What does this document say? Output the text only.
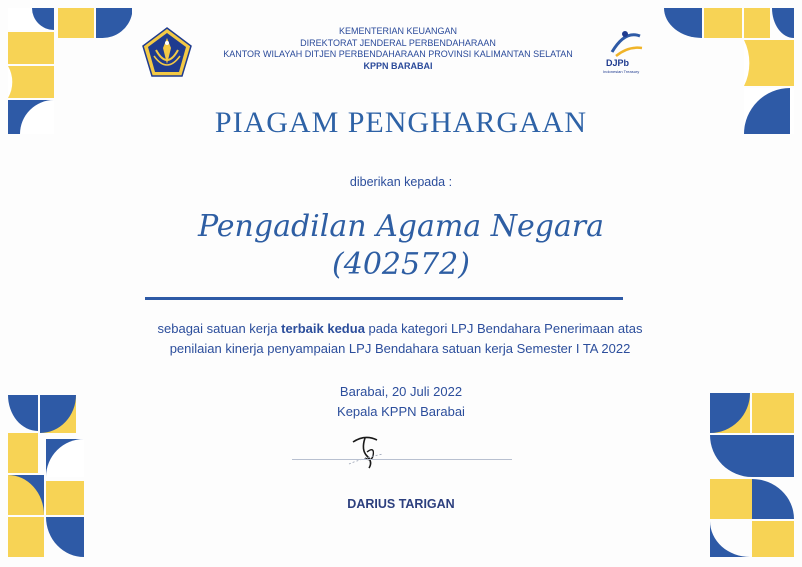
KEMENTERIAN KEUANGAN
DIREKTORAT JENDERAL PERBENDAHARAAN
KANTOR WILAYAH DITJEN PERBENDAHARAAN PROVINSI KALIMANTAN SELATAN
KPPN BARABAI	DJPb
Indonesian Treasury
PIAGAM PENGHARGAAN
diberikan kepada :
Pengadilan Agama Negara
(402572)
sebagai satuan kerja terbaik kedua pada kategori LPJ Bendahara Penerimaan atas
penilaian kinerja penyampaian LPJ Bendahara satuan kerja Semester I TA 2022
Barabai, 20 Juli 2022
Kepala KPPN Barabai
DARIUS TARIGAN
